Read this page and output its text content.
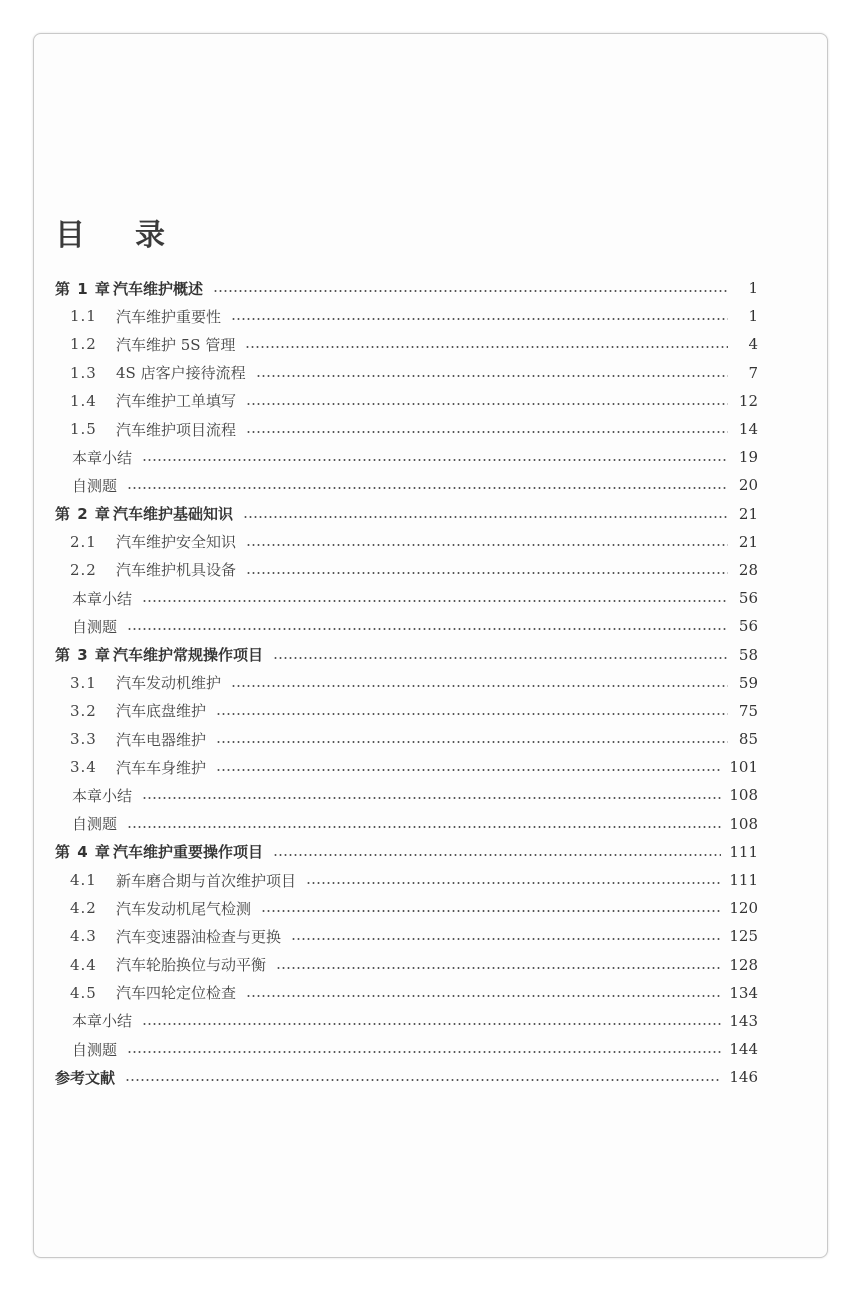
目 录
第 1 章 汽车维护概述	1
1.1	汽车维护重要性	1
1.2	汽车维护 5S 管理	4
1.3	4S 店客户接待流程	7
1.4	汽车维护工单填写	12
1.5	汽车维护项目流程	14
本章小结	19
自测题	20
第 2 章 汽车维护基础知识	21
2.1	汽车维护安全知识	21
2.2	汽车维护机具设备	28
本章小结	56
自测题	56
第 3 章 汽车维护常规操作项目	58
3.1	汽车发动机维护	59
3.2	汽车底盘维护	75
3.3	汽车电器维护	85
3.4	汽车车身维护	101
本章小结	108
自测题	108
第 4 章 汽车维护重要操作项目	111
4.1	新车磨合期与首次维护项目	111
4.2	汽车发动机尾气检测	120
4.3	汽车变速器油检查与更换	125
4.4	汽车轮胎换位与动平衡	128
4.5	汽车四轮定位检查	134
本章小结	143
自测题	144
参考文献	146
